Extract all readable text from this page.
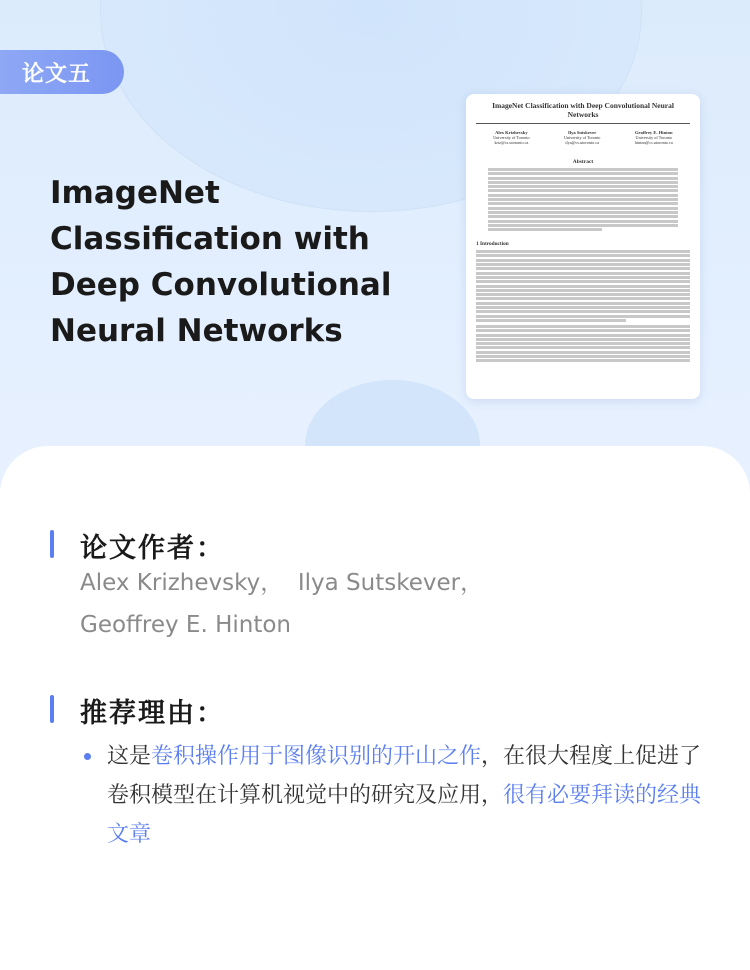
论文五
ImageNet Classification with Deep Convolutional Neural Networks
ImageNet Classification with Deep Convolutional Neural Networks
Alex Krizhevsky
University of Toronto
kriz@cs.utoronto.ca
Ilya Sutskever
University of Toronto
ilya@cs.utoronto.ca
Geoffrey E. Hinton
University of Toronto
hinton@cs.utoronto.ca
Abstract
1 Introduction
论文作者：
Alex Krizhevsky，  Ilya Sutskever，
Geoffrey E. Hinton
推荐理由：

这是卷积操作用于图像识别的开山之作，在很大程度上促进了卷积模型在计算机视觉中的研究及应用，很有必要拜读的经典文章
